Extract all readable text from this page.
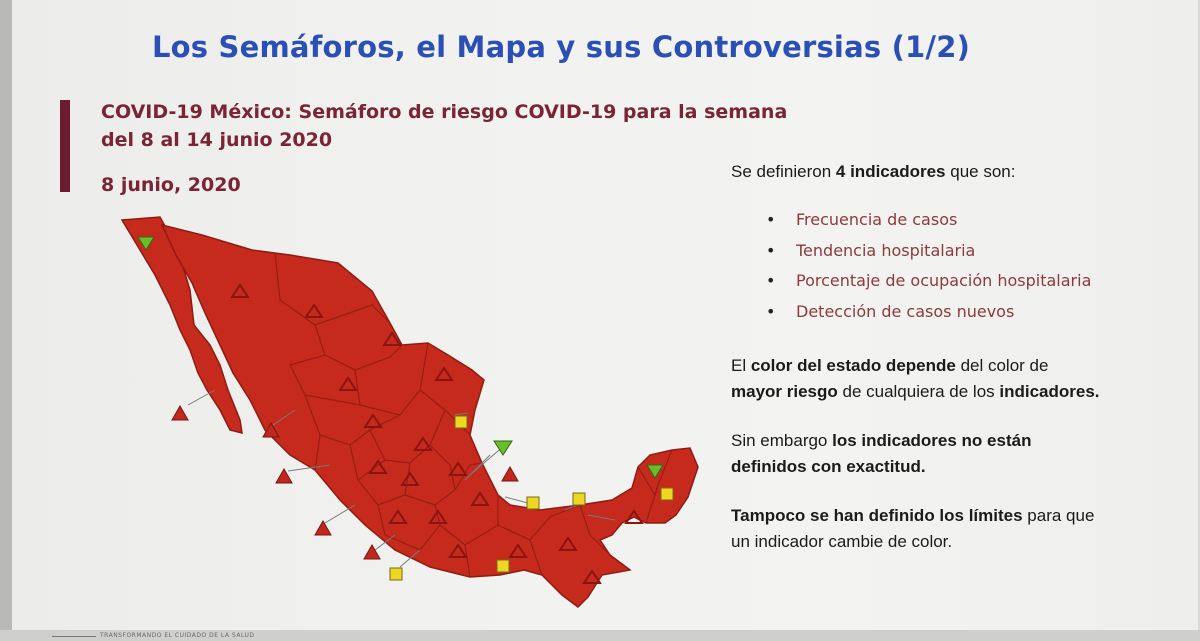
Los Semáforos, el Mapa y sus Controversias (1/2)
COVID-19 México: Semáforo de riesgo COVID-19 para la semana del 8 al 14 junio 2020
8 junio, 2020
Se definieron 4 indicadores que son:
• Frecuencia de casos
• Tendencia hospitalaria
• Porcentaje de ocupación hospitalaria
• Detección de casos nuevos
El color del estado depende del color de
mayor riesgo de cualquiera de los indicadores.
Sin embargo los indicadores no están
definidos con exactitud.
Tampoco se han definido los límites para que
un indicador cambie de color.
TRANSFORMANDO EL CUIDADO DE LA SALUD
